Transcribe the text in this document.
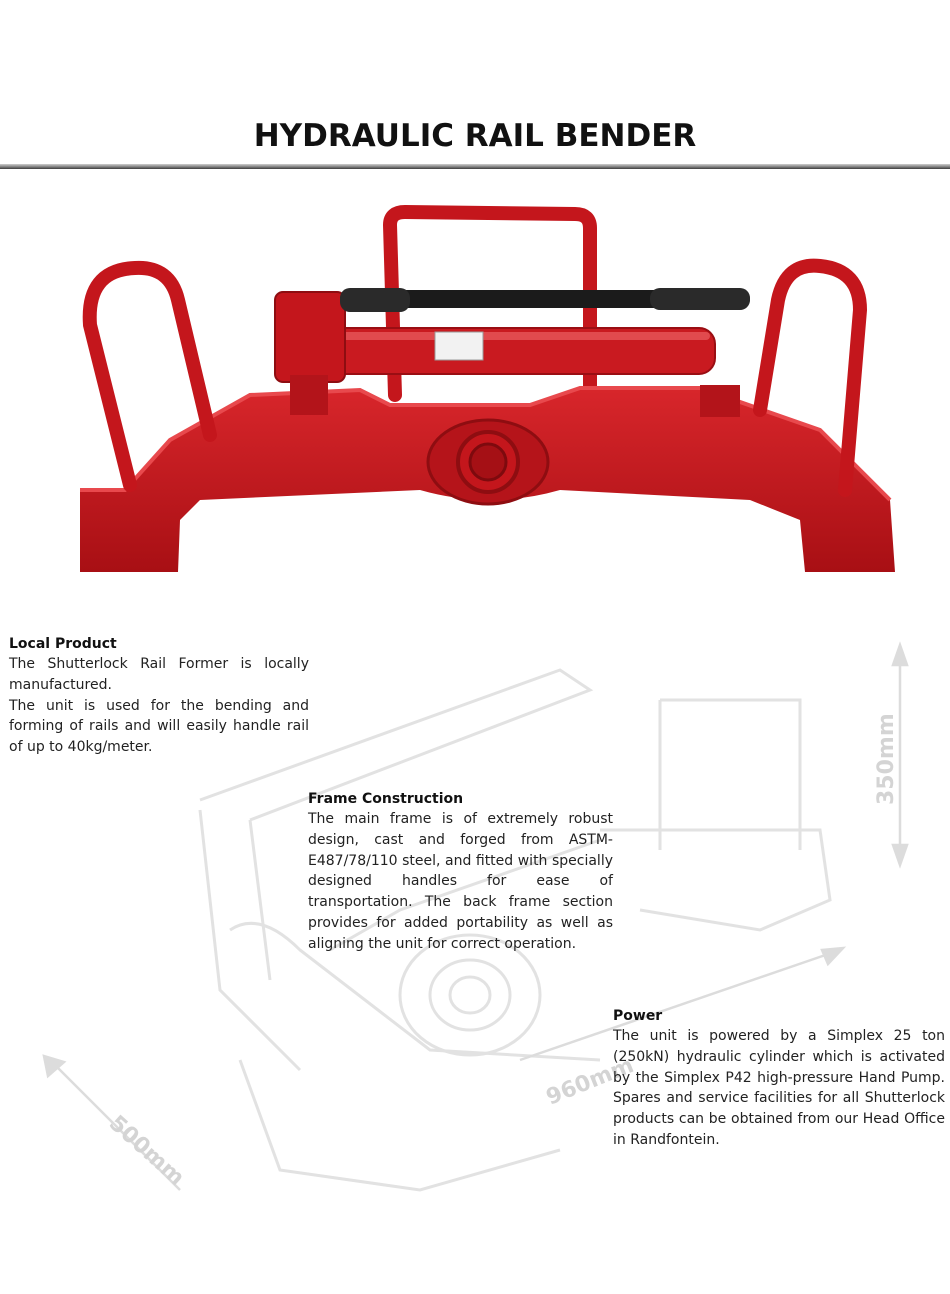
HYDRAULIC RAIL BENDER
350mm
960mm
500mm
Local Product

The Shutterlock Rail Former is locally manufactured.

The unit is used for the bending and forming of rails and will easily handle rail of up to 40kg/meter.

Frame Construction

The main frame is of extremely robust design, cast and forged from ASTM-E487/78/110 steel, and fitted with specially designed handles for ease of transportation. The back frame section provides for added portability as well as aligning the unit for correct operation.

Power

The unit is powered by a Simplex 25 ton (250kN) hydraulic cylinder which is activated by the Simplex P42 high-pressure Hand Pump. Spares and service facilities for all Shutterlock products can be obtained from our Head Office in Randfontein.
